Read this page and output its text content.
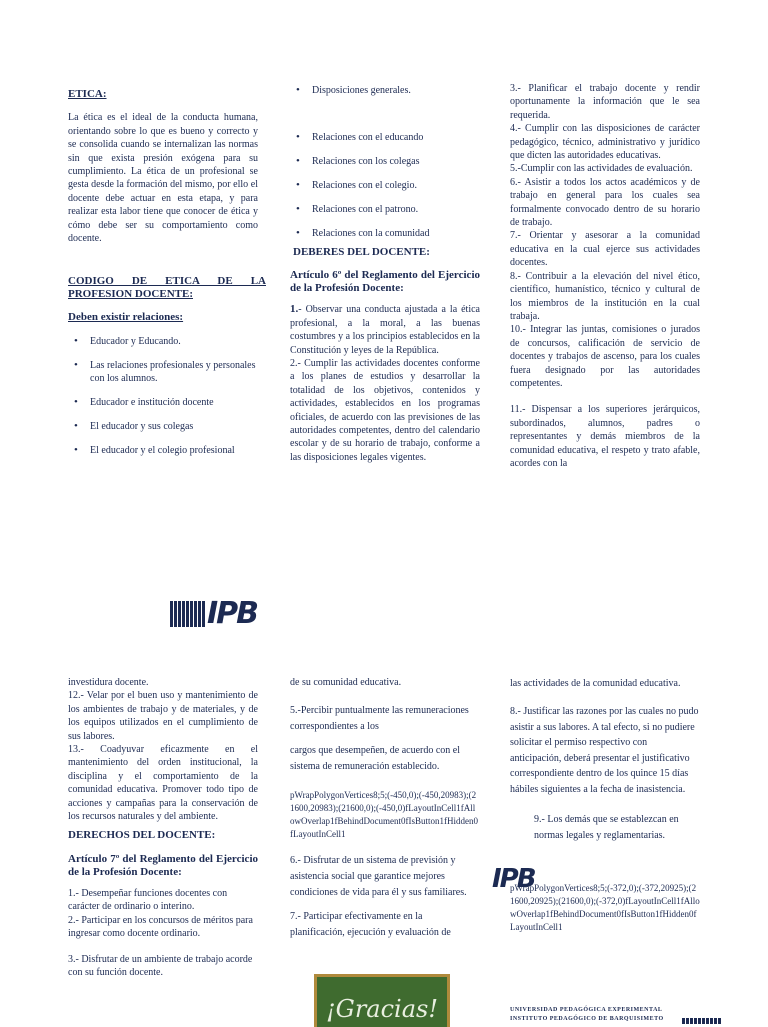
ETICA:

La ética es el ideal de la conducta humana, orientando sobre lo que es bueno y correcto y se consolida cuando se internalizan las normas sin que exista presión exógena para su cumplimiento. La ética de un profesional se gesta desde la formación del mismo, por ello el docente debe actuar en esta etapa, y para realizar esta labor tiene que conocer de ética y cómo debe ser su comportamiento como docente.

CODIGO DE ETICA DE LA PROFESION DOCENTE:

Deben existir relaciones:

• Educador y Educando.
• Las relaciones profesionales y personales con los alumnos.
• Educador e institución docente
• El educador y sus colegas
• El educador y el colegio profesional
• Disposiciones generales.
• Relaciones con el educando
• Relaciones con los colegas
• Relaciones con el colegio.
• Relaciones con el patrono.
• Relaciones con la comunidad

DEBERES DEL DOCENTE:

Artículo 6º del Reglamento del Ejercicio de la Profesión Docente:

1.- Observar una conducta ajustada a la ética profesional, a la moral, a las buenas costumbres y a los principios establecidos en la Constitución y leyes de la República.

2.- Cumplir las actividades docentes conforme a los planes de estudios y desarrollar la totalidad de los objetivos, contenidos y actividades, establecidos en los programas oficiales, de acuerdo con las previsiones de las autoridades competentes, dentro del calendario escolar y de su horario de trabajo, conforme a las disposiciones legales vigentes.

3.- Planificar el trabajo docente y rendir oportunamente la información que le sea requerida.

4.- Cumplir con las disposiciones de carácter pedagógico, técnico, administrativo y jurídico que dicten las autoridades educativas.

5.-Cumplir con las actividades de evaluación.

6.- Asistir a todos los actos académicos y de trabajo en general para los cuales sea formalmente convocado dentro de su horario de trabajo.

7.- Orientar y asesorar a la comunidad educativa en la cual ejerce sus actividades docentes.

8.- Contribuir a la elevación del nivel ético, científico, humanístico, técnico y cultural de los miembros de la institución en la cual trabaja.

10.- Integrar las juntas, comisiones o jurados de concursos, calificación de servicio de docentes y trabajos de ascenso, para los cuales fuera designado por las autoridades competentes.

11.- Dispensar a los superiores jerárquicos, subordinados, alumnos, padres o representantes y demás miembros de la comunidad educativa, el respeto y trato afable, acordes con la

IPB

investidura docente.

12.- Velar por el buen uso y mantenimiento de los ambientes de trabajo y de materiales, y de los equipos utilizados en el cumplimiento de sus labores.

13.- Coadyuvar eficazmente en el mantenimiento del orden institucional, la disciplina y el comportamiento de la comunidad educativa. Promover todo tipo de acciones y campañas para la conservación de los recursos naturales y del ambiente.

DERECHOS DEL DOCENTE:

Artículo 7º del Reglamento del Ejercicio de la Profesión Docente:

1.- Desempeñar funciones docentes con carácter de ordinario o interino.

2.- Participar en los concursos de méritos para ingresar como docente ordinario.

3.- Disfrutar de un ambiente de trabajo acorde con su función docente.

de su comunidad educativa.

5.-Percibir puntualmente las remuneraciones correspondientes a los

cargos que desempeñen, de acuerdo con el sistema de remuneración establecido.

pWrapPolygonVertices8;5;(-450,0);(-450,20983);(21600,20983);(21600,0);(-450,0)fLayoutInCell1fAllowOverlap1fBehindDocument0fIsButton1fHidden0fLayoutInCell1

6.- Disfrutar de un sistema de previsión y asistencia social que garantice mejores condiciones de vida para él y sus familiares.

7.- Participar efectivamente en la planificación, ejecución y evaluación de

¡Gracias!

las actividades de la comunidad educativa.

8.- Justificar las razones por las cuales no pudo asistir a sus labores. A tal efecto, si no pudiere solicitar el permiso respectivo con anticipación, deberá presentar el justificativo correspondiente dentro de los quince 15 días hábiles siguientes a la fecha de inasistencia.

9.- Los demás que se establezcan en normas legales y reglamentarias.

pWrapPolygonVertices8;5;(-372,0);(-372,20925);(21600,20925);(21600,0);(-372,0)fLayoutInCell1fAllowOverlap1fBehindDocument0fIsButton1fHidden0fLayoutInCell1

IPB
UNIVERSIDAD PEDAGÓGICA EXPERIMENTAL
INSTITUTO PEDAGÓGICO DE BARQUISIMETO
